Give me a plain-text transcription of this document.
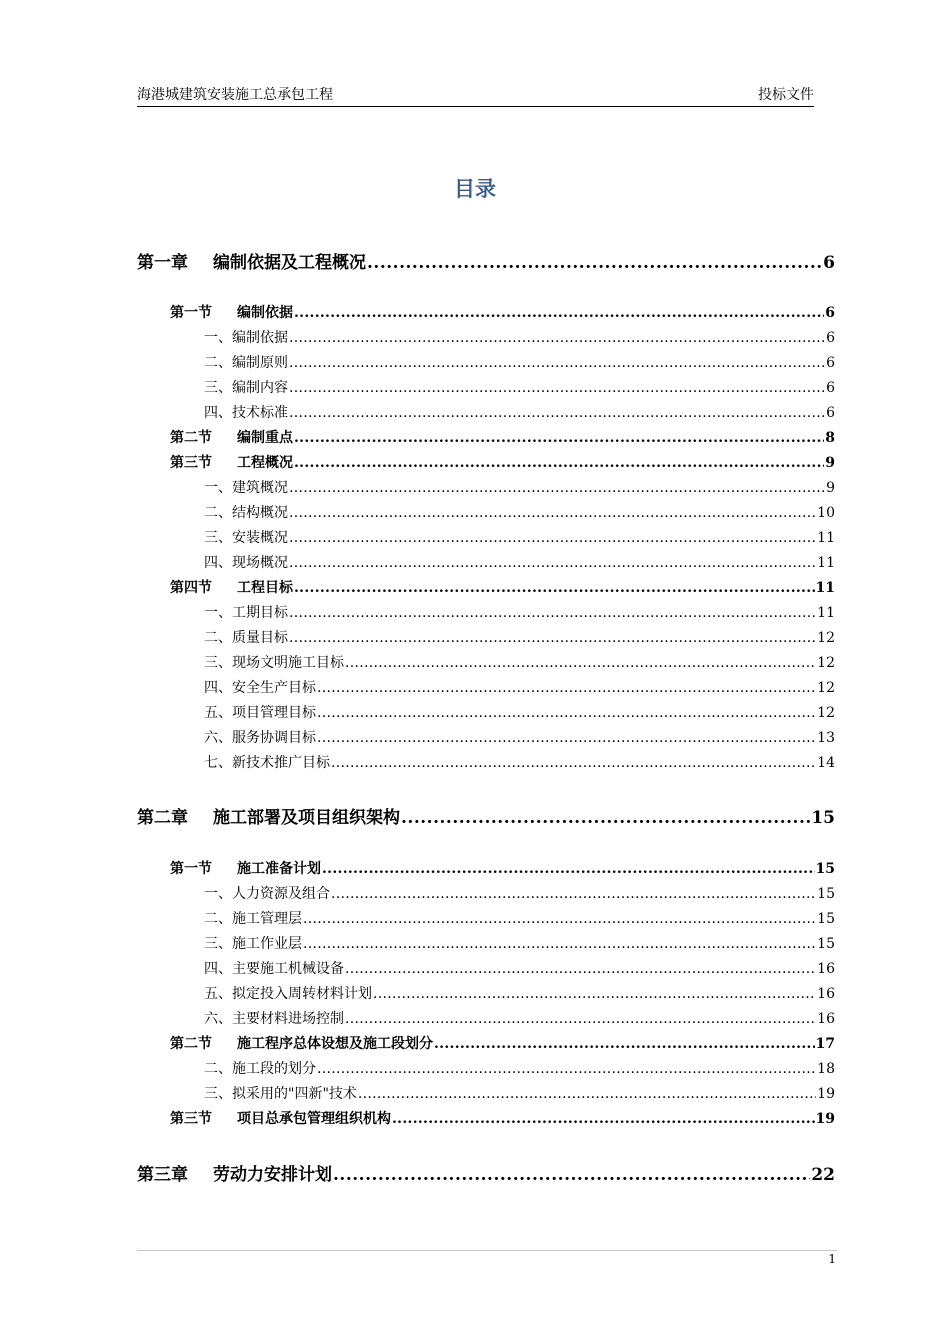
海港城建筑安装施工总承包工程	投标文件
目录
第一章 编制依据及工程概况 .....	6
第一节 编制依据 .....	6
一、编制依据 .....	6
二、编制原则 .....	6
三、编制内容 .....	6
四、技术标准 .....	6
第二节 编制重点 .....	8
第三节 工程概况 .....	9
一、建筑概况 .....	9
二、结构概况 .....	10
三、安装概况 .....	11
四、现场概况 .....	11
第四节 工程目标 .....	11
一、工期目标 .....	11
二、质量目标 .....	12
三、现场文明施工目标 .....	12
四、安全生产目标 .....	12
五、项目管理目标 .....	12
六、服务协调目标 .....	13
七、新技术推广目标 .....	14
第二章 施工部署及项目组织架构 .....	15
第一节 施工准备计划 .....	15
一、人力资源及组合 .....	15
二、施工管理层 .....	15
三、施工作业层 .....	15
四、主要施工机械设备 .....	16
五、拟定投入周转材料计划 .....	16
六、主要材料进场控制 .....	16
第二节 施工程序总体设想及施工段划分 .....	17
二、施工段的划分 .....	18
三、拟采用的"四新"技术 .....	19
第三节 项目总承包管理组织机构 .....	19
第三章 劳动力安排计划 .....	22
1
